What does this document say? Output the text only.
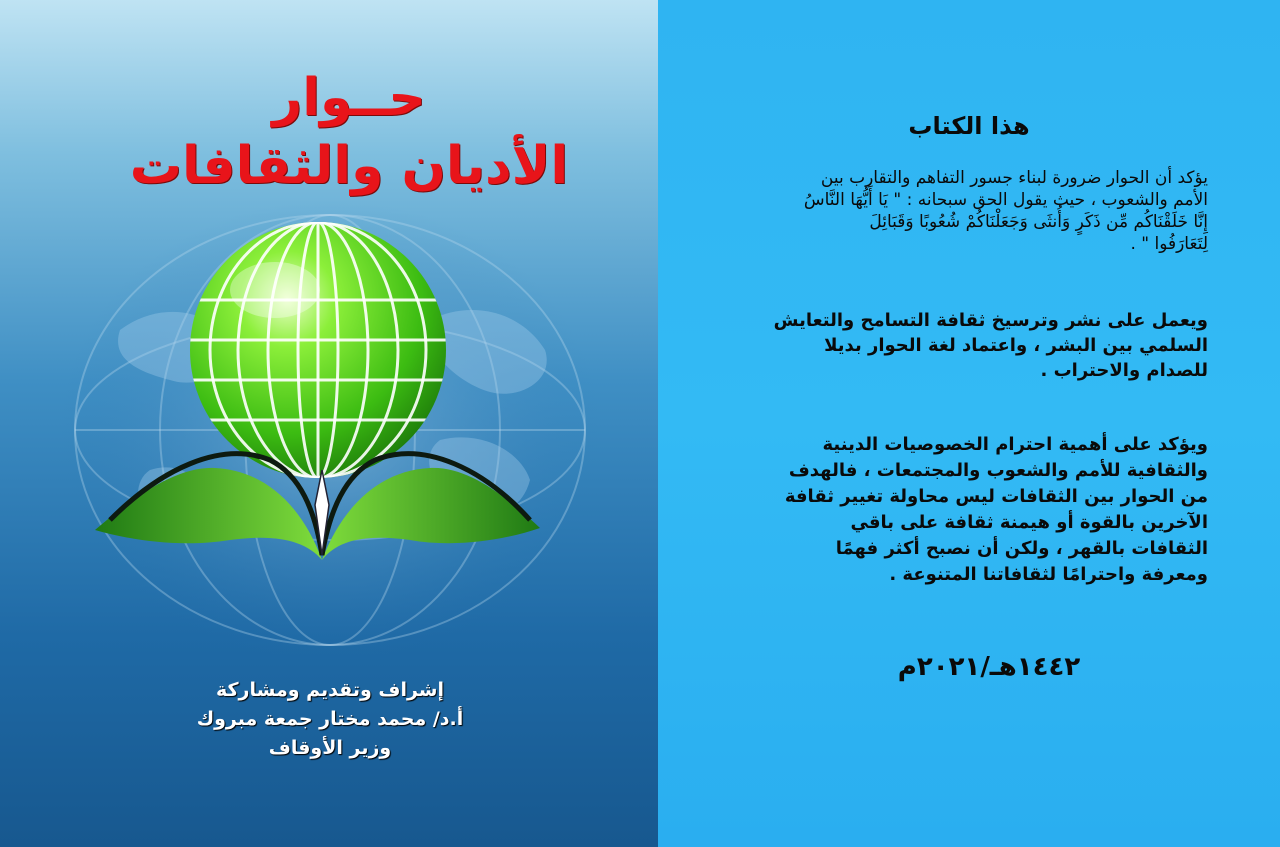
حــوار
الأديان والثقافات
إشراف وتقديم ومشاركة
أ.د/ محمد مختار جمعة مبروك
وزير الأوقاف
هذا الكتاب
يؤكد أن الحوار ضرورة لبناء جسور التفاهم والتقارب بين
الأمم والشعوب ، حيث يقول الحق سبحانه : " يَا أَيُّهَا النَّاسُ
إِنَّا خَلَقْنَاكُم مِّن ذَكَرٍ وَأُنثَى وَجَعَلْنَاكُمْ شُعُوبًا وَقَبَائِلَ
لِتَعَارَفُوا " .
ويعمل على نشر وترسيخ ثقافة التسامح والتعايش
السلمي بين البشر ، واعتماد لغة الحوار بديلا
للصدام والاحتراب .
ويؤكد على أهمية احترام الخصوصيات الدينية
والثقافية للأمم والشعوب والمجتمعات ، فالهدف
من الحوار بين الثقافات ليس محاولة تغيير ثقافة
الآخرين بالقوة أو هيمنة ثقافة على باقي
الثقافات بالقهر ، ولكن أن نصبح أكثر فهمًا
ومعرفة واحترامًا لثقافاتنا المتنوعة .
١٤٤٢هـ/٢٠٢١م
